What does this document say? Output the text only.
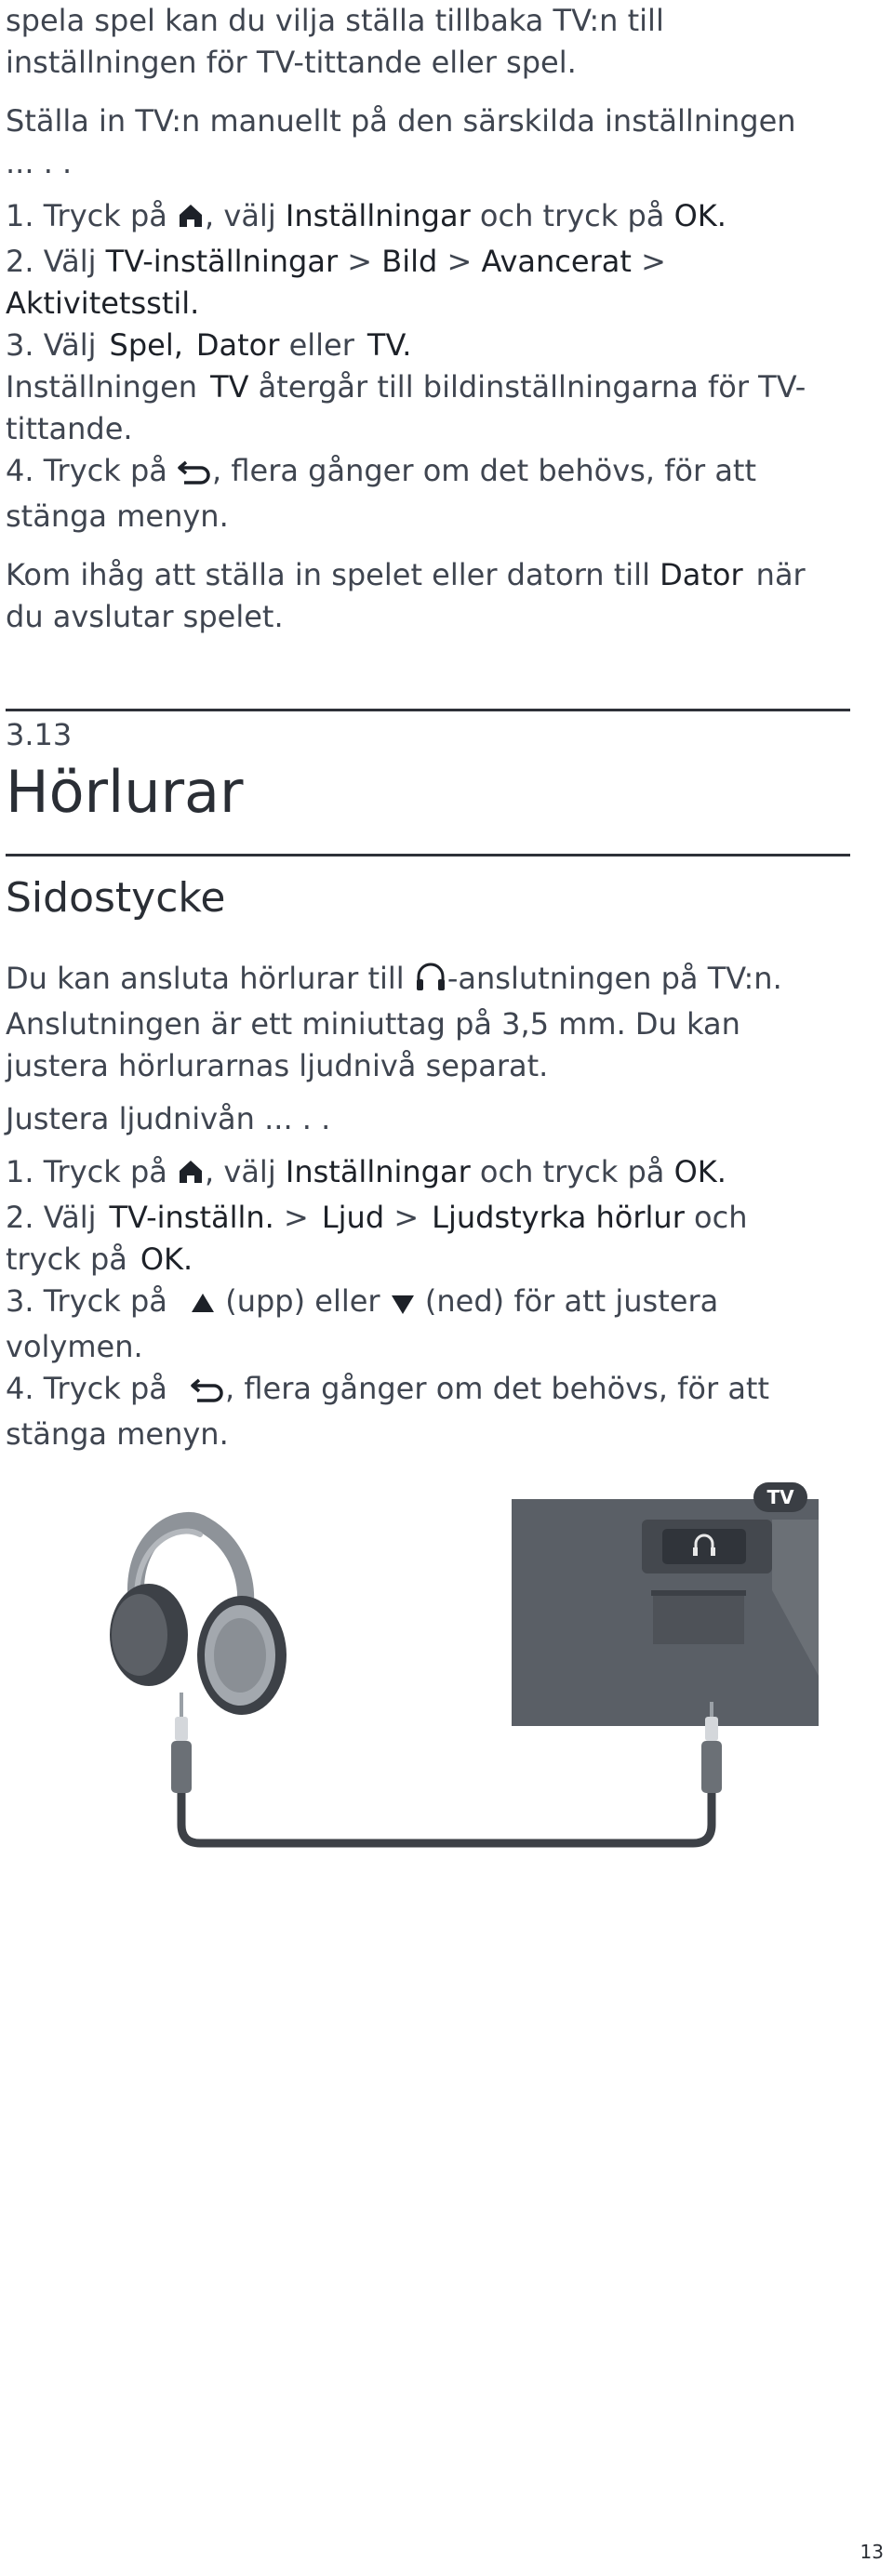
spela spel kan du vilja ställa tillbaka TV:n till
inställningen för TV-tittande eller spel.

Ställa in TV:n manuellt på den särskilda inställningen
... . .

1. Tryck på , välj Inställningar och tryck på OK.

2. Välj TV-inställningar > Bild > Avancerat >
Aktivitetsstil.

3. Välj Spel, Dator eller TV.
Inställningen TV återgår till bildinställningarna för TV-
tittande.

4. Tryck på , flera gånger om det behövs, för att
stänga menyn.

Kom ihåg att ställa in spelet eller datorn till Dator när
du avslutar spelet.

3.13
Hörlurar
Sidostycke

Du kan ansluta hörlurar till -anslutningen på TV:n.
Anslutningen är ett miniuttag på 3,5 mm. Du kan
justera hörlurarnas ljudnivå separat.

Justera ljudnivån ... . .

1. Tryck på , välj Inställningar och tryck på OK.

2. Välj TV-inställn. > Ljud > Ljudstyrka hörlur och
tryck på OK.

3. Tryck på (upp) eller (ned) för att justera
volymen.

4. Tryck på , flera gånger om det behövs, för att
stänga menyn.

TV
13
